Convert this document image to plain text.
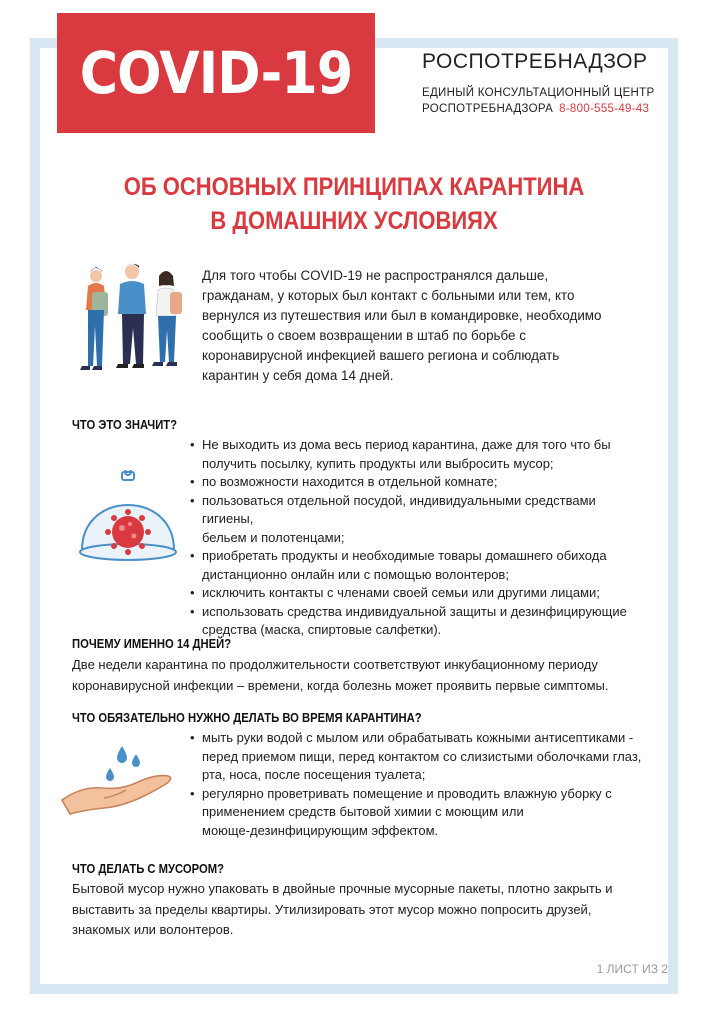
COVID-19	РОСПОТРЕБНАДЗОР
ЕДИНЫЙ КОНСУЛЬТАЦИОННЫЙ ЦЕНТР
РОСПОТРЕБНАДЗОРА 8-800-555-49-43
ОБ ОСНОВНЫХ ПРИНЦИПАХ КАРАНТИНА
В ДОМАШНИХ УСЛОВИЯХ
Для того чтобы COVID-19 не распространялся дальше,
гражданам, у которых был контакт с больными или тем, кто
вернулся из путешествия или был в командировке, необходимо
сообщить о своем возвращении в штаб по борьбе с
коронавирусной инфекцией вашего региона и соблюдать
карантин у себя дома 14 дней.
ЧТО ЭТО ЗНАЧИТ?
• Не выходить из дома весь период карантина, даже для того что бы
получить посылку, купить продукты или выбросить мусор;
• по возможности находится в отдельной комнате;
• пользоваться отдельной посудой, индивидуальными средствами гигиены,
бельем и полотенцами;
• приобретать продукты и необходимые товары домашнего обихода
дистанционно онлайн или с помощью волонтеров;
• исключить контакты с членами своей семьи или другими лицами;
• использовать средства индивидуальной защиты и дезинфицирующие
средства (маска, спиртовые салфетки).
ПОЧЕМУ ИМЕННО 14 ДНЕЙ?
Две недели карантина по продолжительности соответствуют инкубационному периоду
коронавирусной инфекции – времени, когда болезнь может проявить первые симптомы.
ЧТО ОБЯЗАТЕЛЬНО НУЖНО ДЕЛАТЬ ВО ВРЕМЯ КАРАНТИНА?
• мыть руки водой с мылом или обрабатывать кожными антисептиками -
перед приемом пищи, перед контактом со слизистыми оболочками глаз,
рта, носа, после посещения туалета;
• регулярно проветривать помещение и проводить влажную уборку с
применением средств бытовой химии с моющим или
моюще-дезинфицирующим эффектом.
ЧТО ДЕЛАТЬ С МУСОРОМ?
Бытовой мусор нужно упаковать в двойные прочные мусорные пакеты, плотно закрыть и
выставить за пределы квартиры. Утилизировать этот мусор можно попросить друзей,
знакомых или волонтеров.
1 ЛИСТ ИЗ 2
